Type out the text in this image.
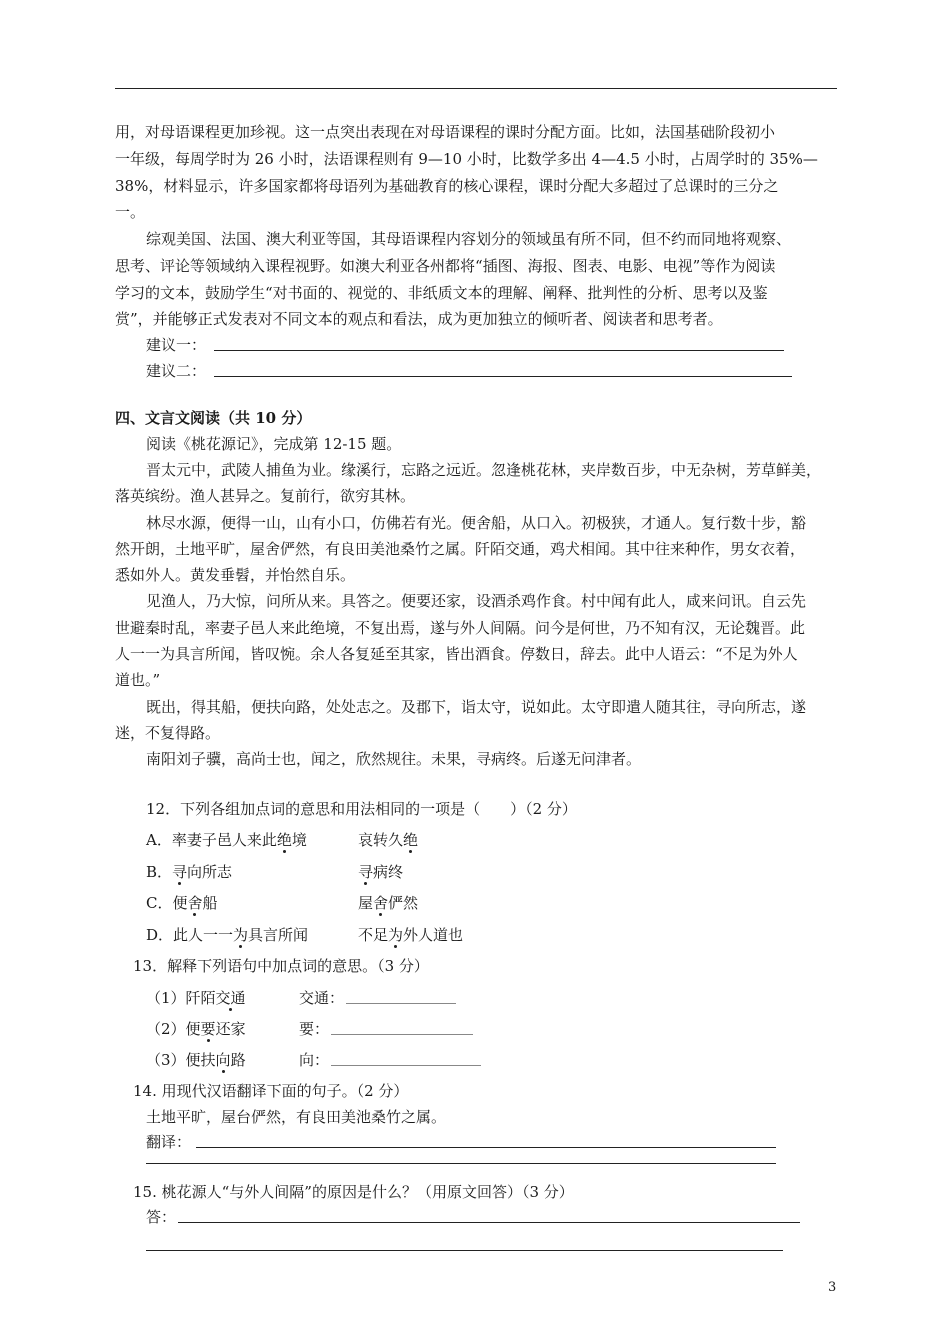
用，对母语课程更加珍视。这一点突出表现在对母语课程的课时分配方面。比如，法国基础阶段初小
一年级，每周学时为 26 小时，法语课程则有 9—10 小时，比数学多出 4—4.5 小时，占周学时的 35%—
38%，材料显示，许多国家都将母语列为基础教育的核心课程，课时分配大多超过了总课时的三分之
一。
综观美国、法国、澳大利亚等国，其母语课程内容划分的领域虽有所不同，但不约而同地将观察、
思考、评论等领域纳入课程视野。如澳大利亚各州都将“插图、海报、图表、电影、电视”等作为阅读
学习的文本，鼓励学生“对书面的、视觉的、非纸质文本的理解、阐释、批判性的分析、思考以及鉴
赏”，并能够正式发表对不同文本的观点和看法，成为更加独立的倾听者、阅读者和思考者。
建议一：
建议二：
四、文言文阅读（共 10 分）
阅读《桃花源记》，完成第 12-15 题。
晋太元中，武陵人捕鱼为业。缘溪行，忘路之远近。忽逢桃花林，夹岸数百步，中无杂树，芳草鲜美，
落英缤纷。渔人甚异之。复前行，欲穷其林。
林尽水源，便得一山，山有小口，仿佛若有光。便舍船，从口入。初极狭，才通人。复行数十步，豁
然开朗，土地平旷，屋舍俨然，有良田美池桑竹之属。阡陌交通，鸡犬相闻。其中往来种作，男女衣着，
悉如外人。黄发垂髫，并怡然自乐。
见渔人，乃大惊，问所从来。具答之。便要还家，设酒杀鸡作食。村中闻有此人，咸来问讯。自云先
世避秦时乱，率妻子邑人来此绝境，不复出焉，遂与外人间隔。问今是何世，乃不知有汉，无论魏晋。此
人一一为具言所闻，皆叹惋。余人各复延至其家，皆出酒食。停数日，辞去。此中人语云：“不足为外人
道也。”
既出，得其船，便扶向路，处处志之。及郡下，诣太守，说如此。太守即遣人随其往，寻向所志，遂
迷，不复得路。
南阳刘子骥，高尚士也，闻之，欣然规往。未果，寻病终。后遂无问津者。
12．下列各组加点词的意思和用法相同的一项是（　　）（2 分）
A．率妻子邑人来此绝境	哀转久绝
B．寻向所志	寻病终
C．便舍船	屋舍俨然
D．此人一一为具言所闻	不足为外人道也
13．解释下列语句中加点词的意思。（3 分）
（1）阡陌交通	交通：
（2）便要还家	要：
（3）便扶向路	向：
14. 用现代汉语翻译下面的句子。（2 分）
土地平旷，屋台俨然，有良田美池桑竹之属。
翻译：
15. 桃花源人“与外人间隔”的原因是什么？（用原文回答）（3 分）
答：
3
